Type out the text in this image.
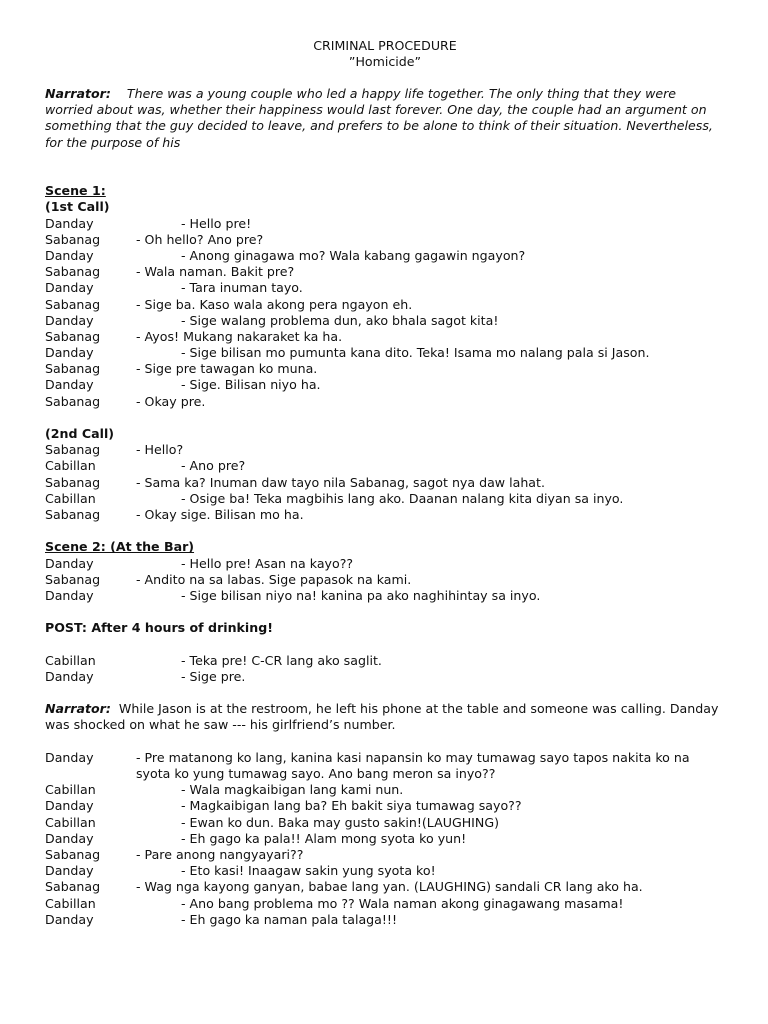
CRIMINAL PROCEDURE
”Homicide”
Narrator: There was a young couple who led a happy life together. The only thing that they were worried about was, whether their happiness would last forever. One day, the couple had an argument on something that the guy decided to leave, and prefers to be alone to think of their situation. Nevertheless, for the purpose of his
Scene 1:
(1st Call)
Danday	- Hello pre!
Sabanag	- Oh hello? Ano pre?
Danday	- Anong ginagawa mo? Wala kabang gagawin ngayon?
Sabanag	- Wala naman. Bakit pre?
Danday	- Tara inuman tayo.
Sabanag	- Sige ba. Kaso wala akong pera ngayon eh.
Danday	- Sige walang problema dun, ako bhala sagot kita!
Sabanag	- Ayos! Mukang nakaraket ka ha.
Danday	- Sige bilisan mo pumunta kana dito. Teka! Isama mo nalang pala si Jason.
Sabanag	- Sige pre tawagan ko muna.
Danday	- Sige. Bilisan niyo ha.
Sabanag	- Okay pre.
(2nd Call)
Sabanag	- Hello?
Cabillan	- Ano pre?
Sabanag	- Sama ka? Inuman daw tayo nila Sabanag, sagot nya daw lahat.
Cabillan	- Osige ba! Teka magbihis lang ako. Daanan nalang kita diyan sa inyo.
Sabanag	- Okay sige. Bilisan mo ha.
Scene 2: (At the Bar)
Danday	- Hello pre! Asan na kayo??
Sabanag	- Andito na sa labas. Sige papasok na kami.
Danday	- Sige bilisan niyo na! kanina pa ako naghihintay sa inyo.
POST: After 4 hours of drinking!
Cabillan	- Teka pre! C-CR lang ako saglit.
Danday	- Sige pre.
Narrator: While Jason is at the restroom, he left his phone at the table and someone was calling. Danday was shocked on what he saw --- his girlfriend’s number.
Danday	- Pre matanong ko lang, kanina kasi napansin ko may tumawag sayo tapos nakita ko na syota ko yung tumawag sayo. Ano bang meron sa inyo??
Cabillan	- Wala magkaibigan lang kami nun.
Danday	- Magkaibigan lang ba? Eh bakit siya tumawag sayo??
Cabillan	- Ewan ko dun. Baka may gusto sakin!(LAUGHING)
Danday	- Eh gago ka pala!! Alam mong syota ko yun!
Sabanag	- Pare anong nangyayari??
Danday	- Eto kasi! Inaagaw sakin yung syota ko!
Sabanag	- Wag nga kayong ganyan, babae lang yan. (LAUGHING) sandali CR lang ako ha.
Cabillan	- Ano bang problema mo ?? Wala naman akong ginagawang masama!
Danday	- Eh gago ka naman pala talaga!!!
